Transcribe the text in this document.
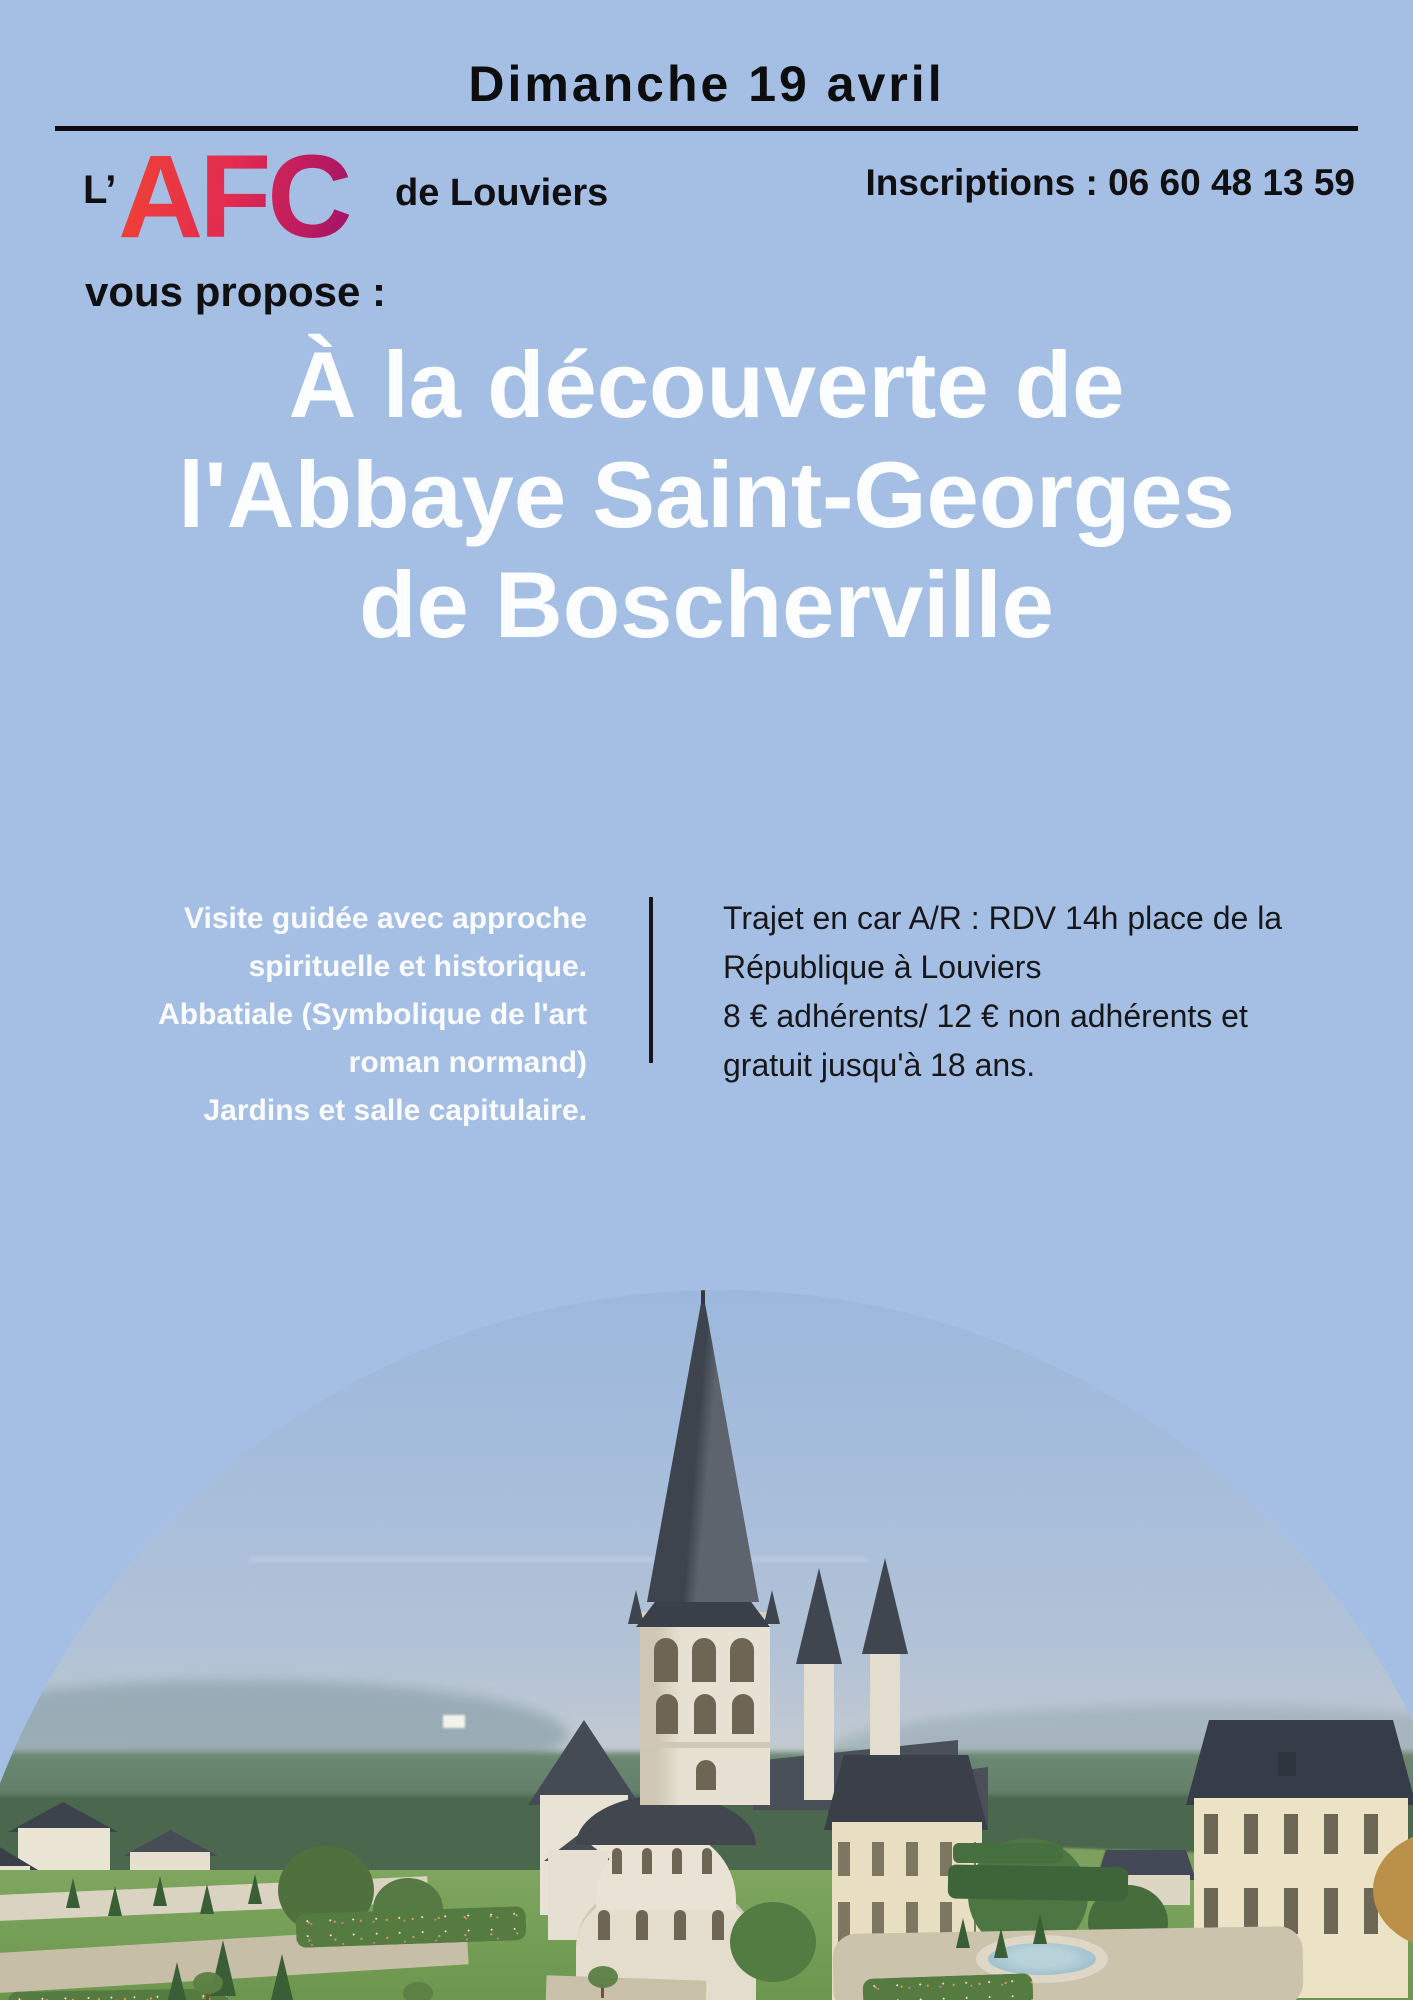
Dimanche 19 avril
L’ AFC de Louviers	Inscriptions : 06 60 48 13 59
vous propose :
À la découverte de
l'Abbaye Saint-Georges
de Boscherville
Visite guidée avec approche
spirituelle et historique.
Abbatiale (Symbolique de l'art
roman normand)
Jardins et salle capitulaire.
Trajet en car A/R : RDV 14h place de la
République à Louviers
8 € adhérents/ 12 € non adhérents et
gratuit jusqu'à 18 ans.
